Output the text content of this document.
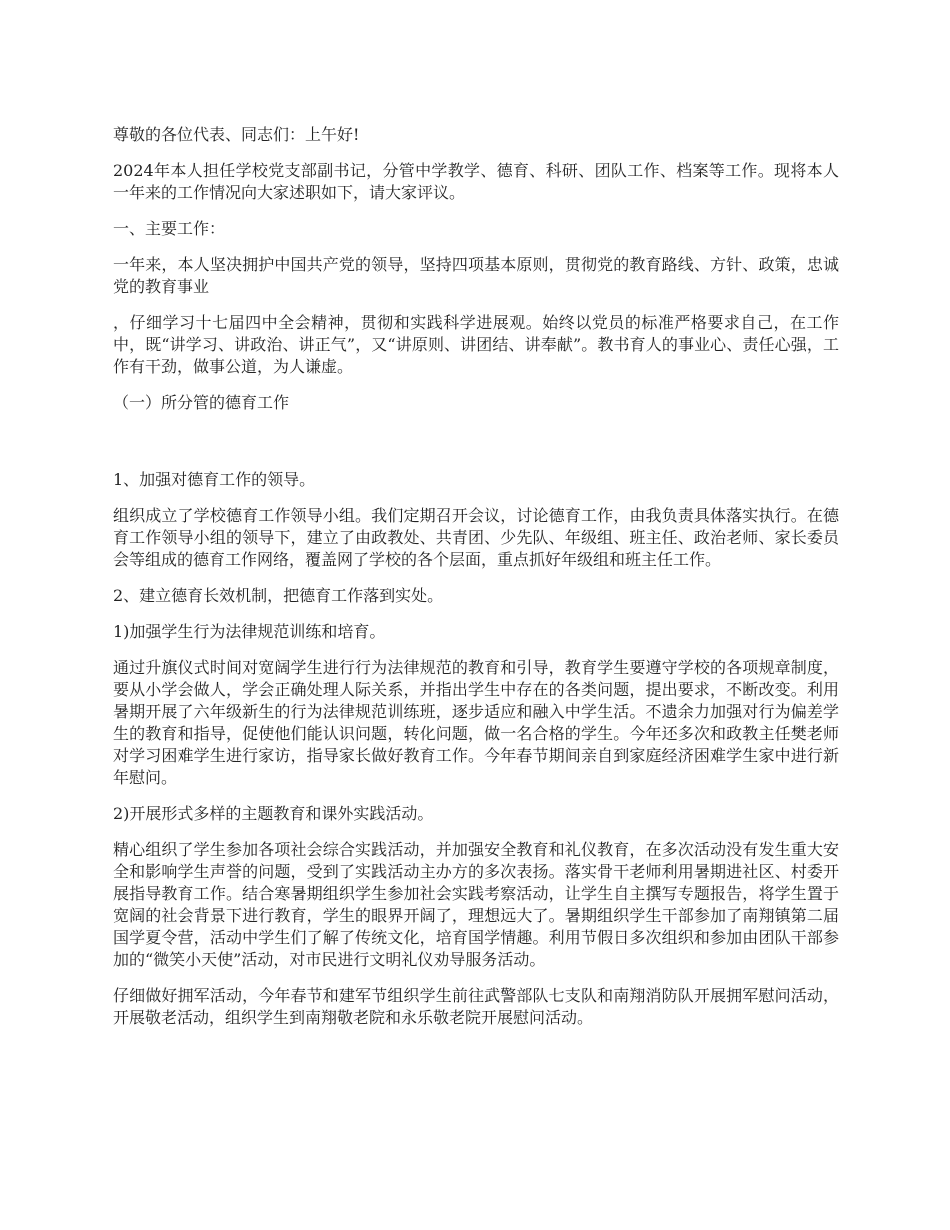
尊敬的各位代表、同志们：上午好!

2024年本人担任学校党支部副书记，分管中学教学、德育、科研、团队工作、档案等工作。现将本人一年来的工作情况向大家述职如下，请大家评议。

一、主要工作：

一年来，本人坚决拥护中国共产党的领导，坚持四项基本原则，贯彻党的教育路线、方针、政策，忠诚党的教育事业

，仔细学习十七届四中全会精神，贯彻和实践科学进展观。始终以党员的标准严格要求自己，在工作中，既“讲学习、讲政治、讲正气”，又“讲原则、讲团结、讲奉献”。教书育人的事业心、责任心强，工作有干劲，做事公道，为人谦虚。

（一）所分管的德育工作

1、加强对德育工作的领导。

组织成立了学校德育工作领导小组。我们定期召开会议，讨论德育工作，由我负责具体落实执行。在德育工作领导小组的领导下，建立了由政教处、共青团、少先队、年级组、班主任、政治老师、家长委员会等组成的德育工作网络，覆盖网了学校的各个层面，重点抓好年级组和班主任工作。

2、建立德育长效机制，把德育工作落到实处。

1)加强学生行为法律规范训练和培育。

通过升旗仪式时间对宽阔学生进行行为法律规范的教育和引导，教育学生要遵守学校的各项规章制度，要从小学会做人，学会正确处理人际关系，并指出学生中存在的各类问题，提出要求，不断改变。利用暑期开展了六年级新生的行为法律规范训练班，逐步适应和融入中学生活。不遗余力加强对行为偏差学生的教育和指导，促使他们能认识问题，转化问题，做一名合格的学生。今年还多次和政教主任樊老师对学习困难学生进行家访，指导家长做好教育工作。今年春节期间亲自到家庭经济困难学生家中进行新年慰问。

2)开展形式多样的主题教育和课外实践活动。

精心组织了学生参加各项社会综合实践活动，并加强安全教育和礼仪教育，在多次活动没有发生重大安全和影响学生声誉的问题，受到了实践活动主办方的多次表扬。落实骨干老师利用暑期进社区、村委开展指导教育工作。结合寒暑期组织学生参加社会实践考察活动，让学生自主撰写专题报告，将学生置于宽阔的社会背景下进行教育，学生的眼界开阔了，理想远大了。暑期组织学生干部参加了南翔镇第二届国学夏令营，活动中学生们了解了传统文化，培育国学情趣。利用节假日多次组织和参加由团队干部参加的“微笑小天使”活动，对市民进行文明礼仪劝导服务活动。

仔细做好拥军活动，今年春节和建军节组织学生前往武警部队七支队和南翔消防队开展拥军慰问活动，开展敬老活动，组织学生到南翔敬老院和永乐敬老院开展慰问活动。
